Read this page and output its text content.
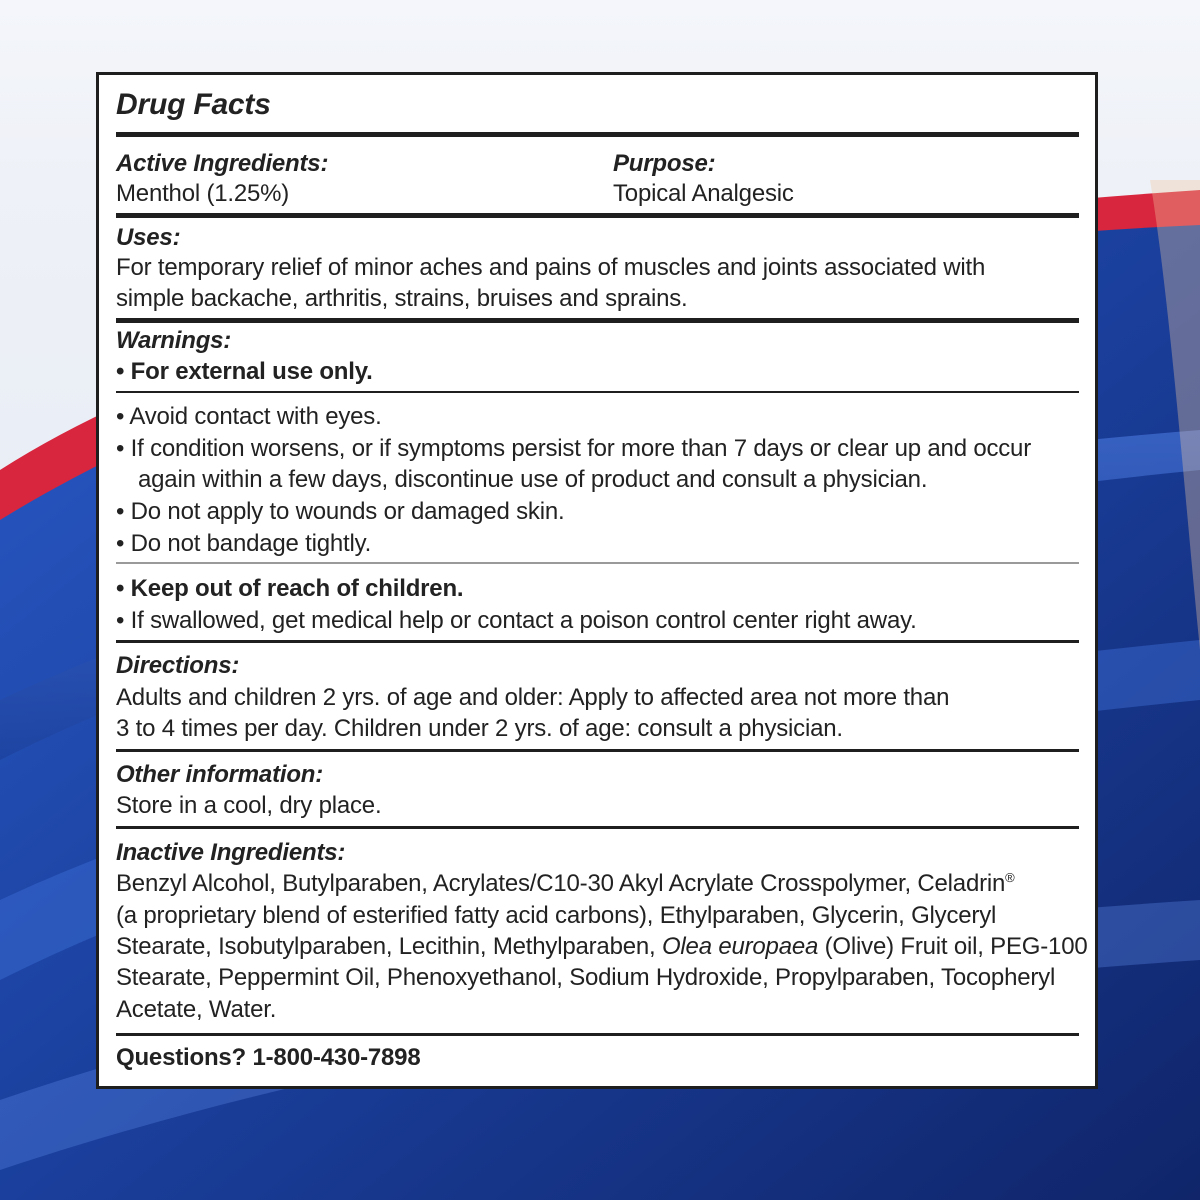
Drug Facts
Active Ingredients:
Menthol (1.25%)
Purpose:
Topical Analgesic
Uses:
For temporary relief of minor aches and pains of muscles and joints associated with
simple backache, arthritis, strains, bruises and sprains.
Warnings:
• For external use only.
• Avoid contact with eyes.
• If condition worsens, or if symptoms persist for more than 7 days or clear up and occur
again within a few days, discontinue use of product and consult a physician.
• Do not apply to wounds or damaged skin.
• Do not bandage tightly.
• Keep out of reach of children.
• If swallowed, get medical help or contact a poison control center right away.
Directions:
Adults and children 2 yrs. of age and older: Apply to affected area not more than
3 to 4 times per day. Children under 2 yrs. of age: consult a physician.
Other information:
Store in a cool, dry place.
Inactive Ingredients:
Benzyl Alcohol, Butylparaben, Acrylates/C10-30 Akyl Acrylate Crosspolymer, Celadrin®
(a proprietary blend of esterified fatty acid carbons), Ethylparaben, Glycerin, Glyceryl
Stearate, Isobutylparaben, Lecithin, Methylparaben, Olea europaea (Olive) Fruit oil, PEG-100
Stearate, Peppermint Oil, Phenoxyethanol, Sodium Hydroxide, Propylparaben, Tocopheryl
Acetate, Water.
Questions? 1-800-430-7898
